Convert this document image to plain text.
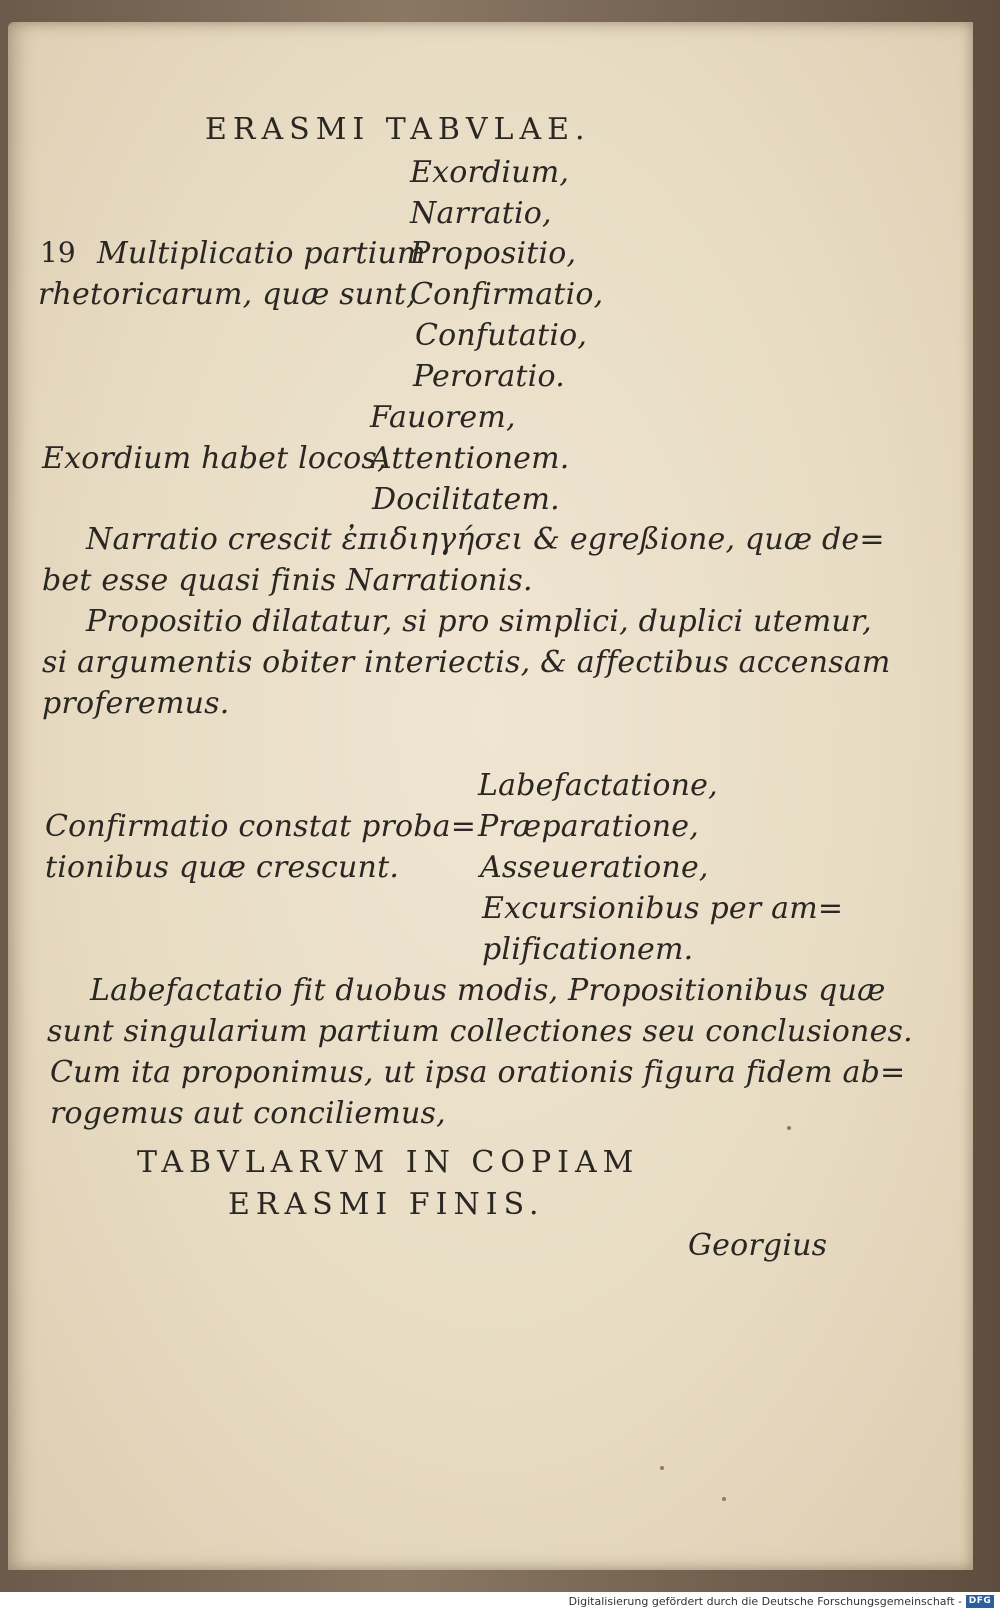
ERASMI TABVLAE.
Exordium,
Narratio,
19 Multiplicatio partium
Propositio,
rhetoricarum, quæ sunt,
Confirmatio,
Confutatio,
Peroratio.
Fauorem,
Exordium habet locos,
Attentionem.
Docilitatem.
Narratio crescit ἐπιδιηγήσει & egreßione, quæ de=
bet esse quasi finis Narrationis.
Propositio dilatatur, si pro simplici, duplici utemur,
si argumentis obiter interiectis, & affectibus accensam
proferemus.
Labefactatione,
Confirmatio constat proba= Præparatione,
tionibus quæ crescunt.	Asseueratione,
Excursionibus per am=
plificationem.
Labefactatio fit duobus modis, Propositionibus quæ
sunt singularium partium collectiones seu conclusiones.
Cum ita proponimus, ut ipsa orationis figura fidem ab=
rogemus aut conciliemus,
TABVLARVM IN COPIAM
ERASMI FINIS.
Georgius
Digitalisierung gefördert durch die Deutsche Forschungsgemeinschaft - DFG
